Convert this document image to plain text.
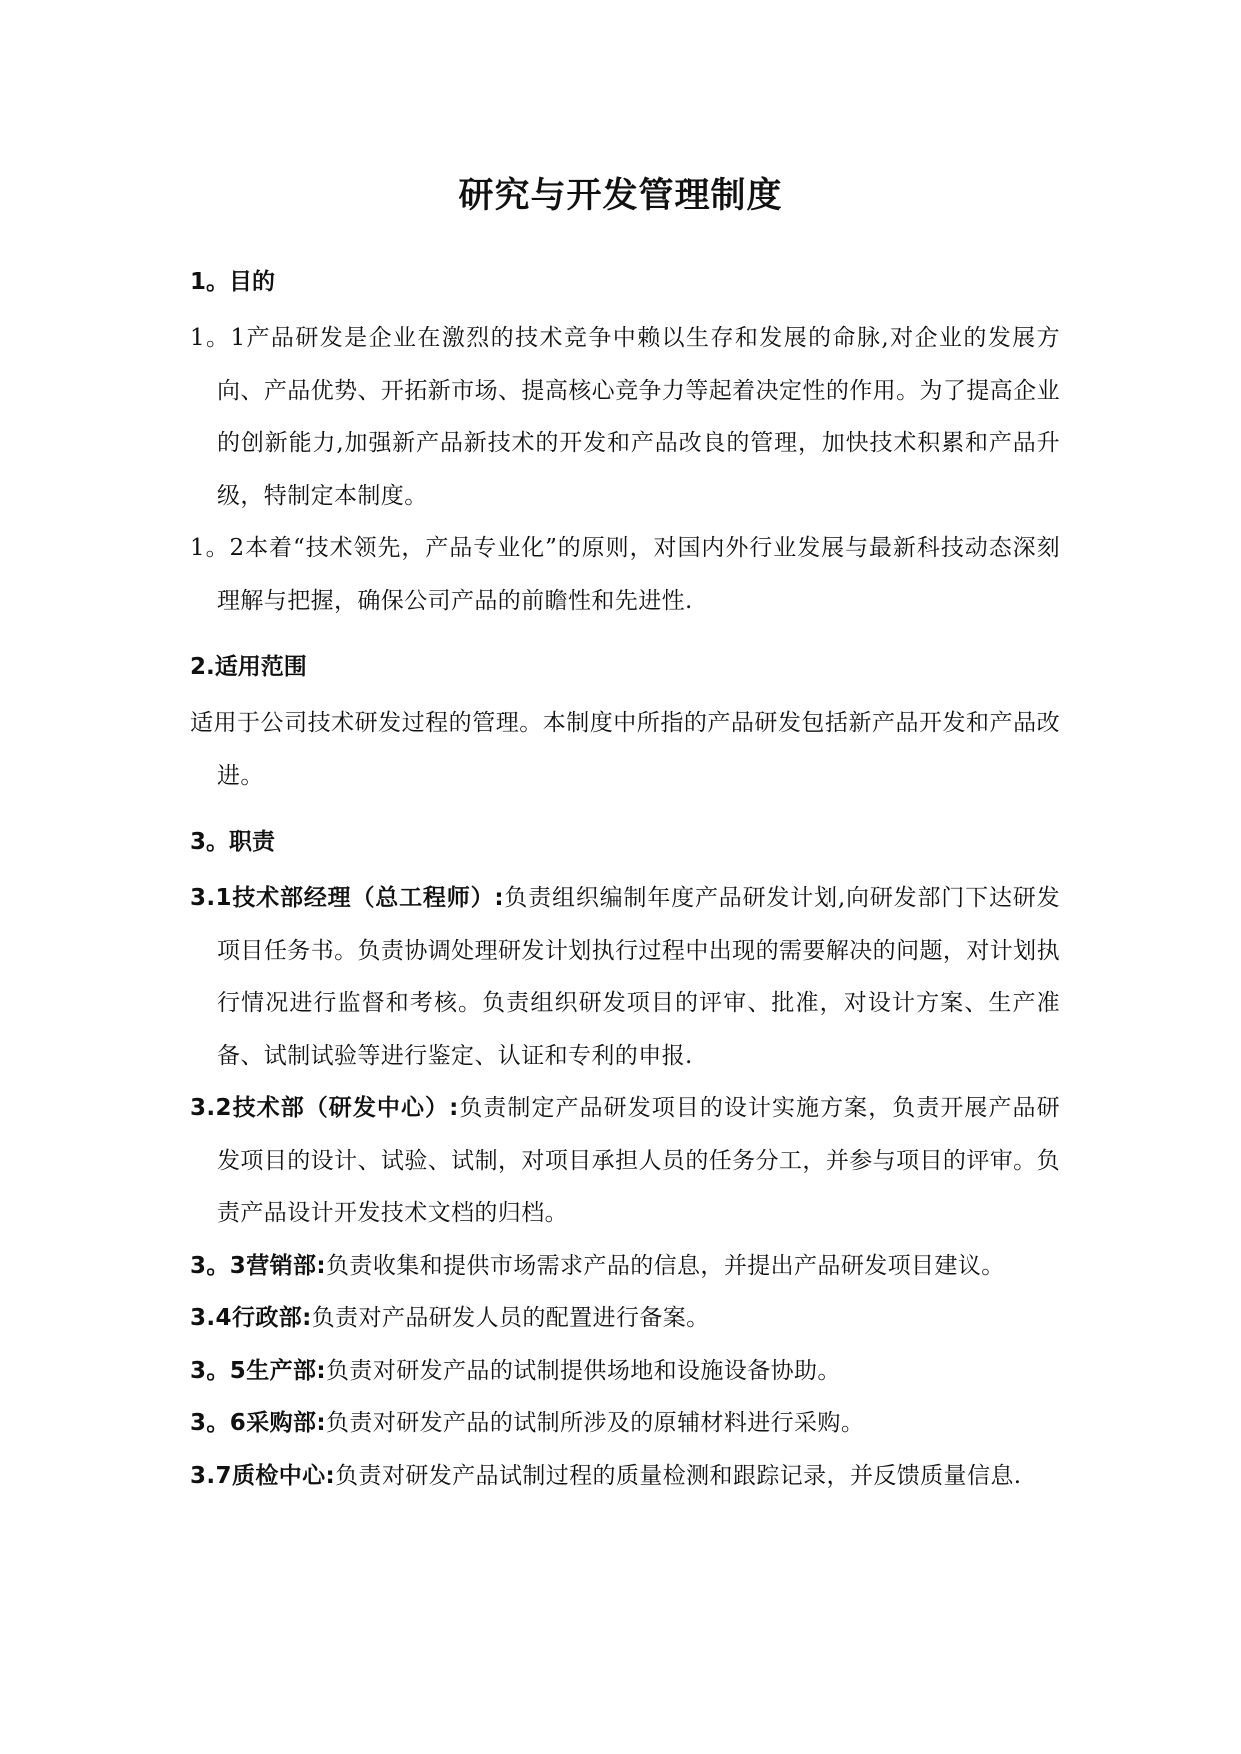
研究与开发管理制度

1。目的

1。1产品研发是企业在激烈的技术竞争中赖以生存和发展的命脉,对企业的发展方向、产品优势、开拓新市场、提高核心竞争力等起着决定性的作用。为了提高企业的创新能力,加强新产品新技术的开发和产品改良的管理，加快技术积累和产品升级，特制定本制度。

1。2本着“技术领先，产品专业化”的原则，对国内外行业发展与最新科技动态深刻理解与把握，确保公司产品的前瞻性和先进性.

2.适用范围

适用于公司技术研发过程的管理。本制度中所指的产品研发包括新产品开发和产品改进。

3。职责

3.1技术部经理（总工程师）:负责组织编制年度产品研发计划,向研发部门下达研发项目任务书。负责协调处理研发计划执行过程中出现的需要解决的问题，对计划执行情况进行监督和考核。负责组织研发项目的评审、批准，对设计方案、生产准备、试制试验等进行鉴定、认证和专利的申报.

3.2技术部（研发中心）:负责制定产品研发项目的设计实施方案，负责开展产品研发项目的设计、试验、试制，对项目承担人员的任务分工，并参与项目的评审。负责产品设计开发技术文档的归档。

3。3营销部:负责收集和提供市场需求产品的信息，并提出产品研发项目建议。

3.4行政部:负责对产品研发人员的配置进行备案。

3。5生产部:负责对研发产品的试制提供场地和设施设备协助。

3。6采购部:负责对研发产品的试制所涉及的原辅材料进行采购。

3.7质检中心:负责对研发产品试制过程的质量检测和跟踪记录，并反馈质量信息.
